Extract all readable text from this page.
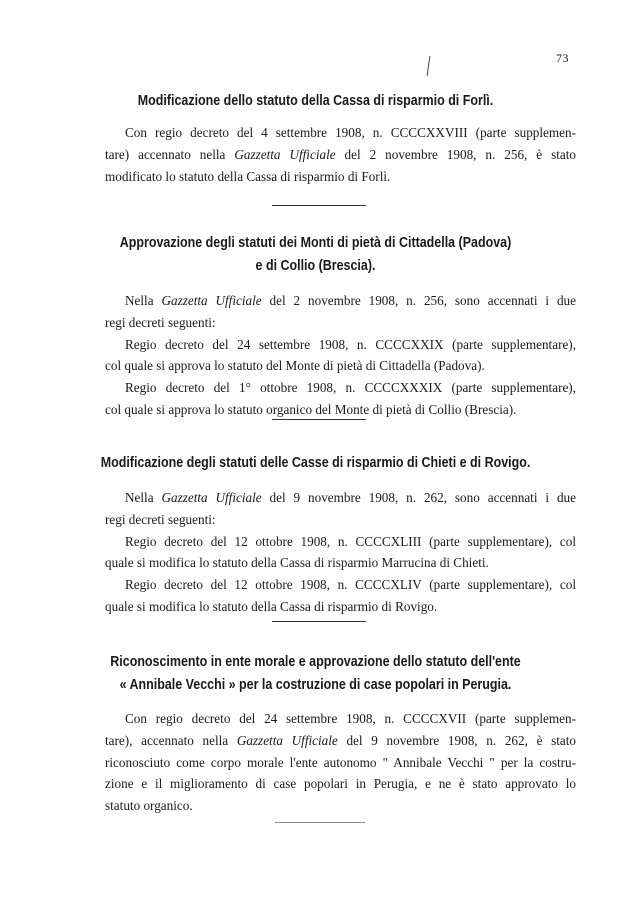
73

Modificazione dello statuto della Cassa di risparmio di Forlì.

Con regio decreto del 4 settembre 1908, n. CCCCXXVIII (parte supplemen-
tare) accennato nella Gazzetta Ufficiale del 2 novembre 1908, n. 256, è stato
modificato lo statuto della Cassa di risparmio di Forlì.

Approvazione degli statuti dei Monti di pietà di Cittadella (Padova)

e di Collio (Brescia).

Nella Gazzetta Ufficiale del 2 novembre 1908, n. 256, sono accennati i due
regi decreti seguenti:
Regio decreto del 24 settembre 1908, n. CCCCXXIX (parte supplementare),
col quale si approva lo statuto del Monte di pietà di Cittadella (Padova).
Regio decreto del 1° ottobre 1908, n. CCCCXXXIX (parte supplementare),
col quale si approva lo statuto organico del Monte di pietà di Collio (Brescia).

Modificazione degli statuti delle Casse di risparmio di Chieti e di Rovigo.

Nella Gazzetta Ufficiale del 9 novembre 1908, n. 262, sono accennati i due
regi decreti seguenti:
Regio decreto del 12 ottobre 1908, n. CCCCXLIII (parte supplementare), col
quale si modifica lo statuto della Cassa di risparmio Marrucina di Chieti.
Regio decreto del 12 ottobre 1908, n. CCCCXLIV (parte supplementare), col
quale si modifica lo statuto della Cassa di risparmio di Rovigo.

Riconoscimento in ente morale e approvazione dello statuto dell'ente

« Annibale Vecchi » per la costruzione di case popolari in Perugia.

Con regio decreto del 24 settembre 1908, n. CCCCXVII (parte supplemen-
tare), accennato nella Gazzetta Ufficiale del 9 novembre 1908, n. 262, è stato
riconosciuto come corpo morale l'ente autonomo " Annibale Vecchi " per la costru-
zione e il miglioramento di case popolari in Perugia, e ne è stato approvato lo
statuto organico.
